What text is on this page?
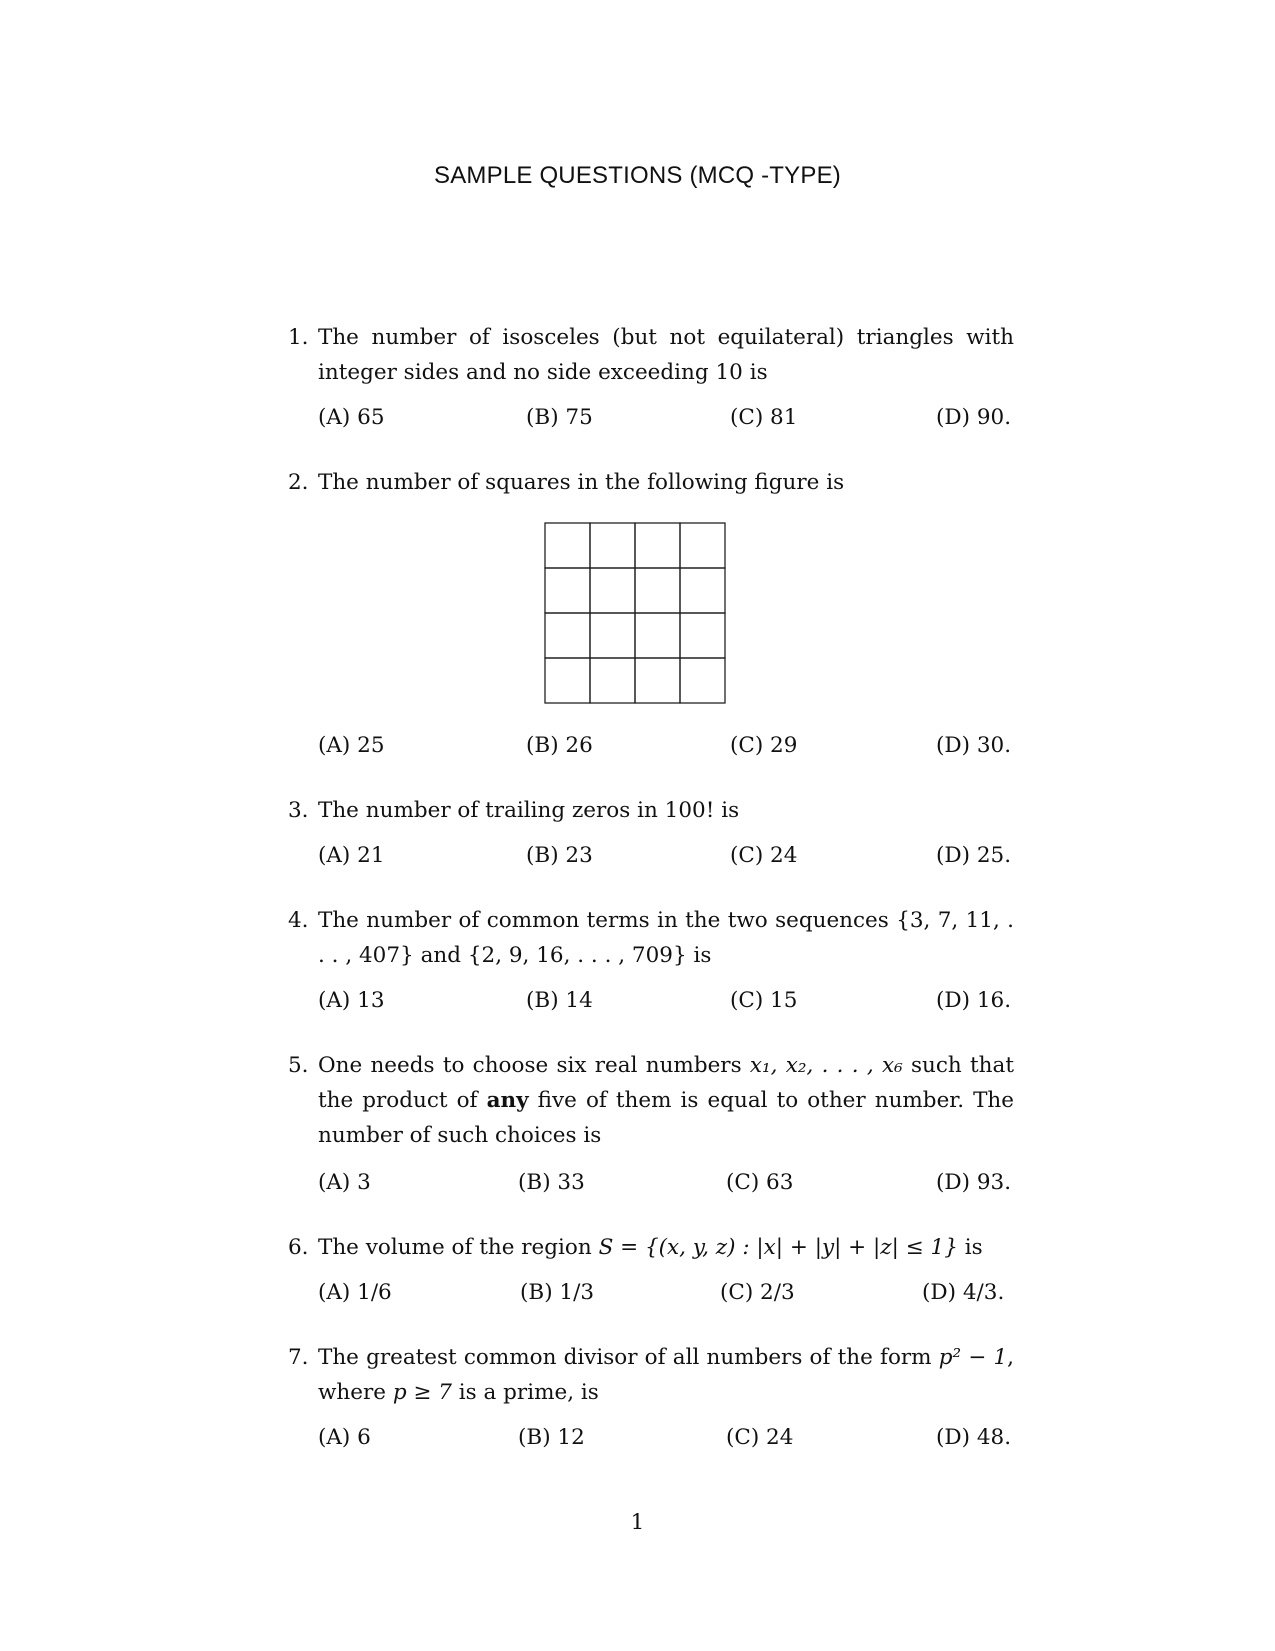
SAMPLE QUESTIONS (MCQ -TYPE)
1. The number of isosceles (but not equilateral) triangles with integer sides and no side exceeding 10 is
(A) 65	(B) 75	(C) 81	(D) 90.
2. The number of squares in the following figure is
(A) 25	(B) 26	(C) 29	(D) 30.
3. The number of trailing zeros in 100! is
(A) 21	(B) 23	(C) 24	(D) 25.
4. The number of common terms in the two sequences {3, 7, 11, . . . , 407} and {2, 9, 16, . . . , 709} is
(A) 13	(B) 14	(C) 15	(D) 16.
5. One needs to choose six real numbers x₁, x₂, . . . , x₆ such that the product of any five of them is equal to other number. The number of such choices is
(A) 3	(B) 33	(C) 63	(D) 93.
6. The volume of the region S = {(x, y, z) : |x| + |y| + |z| ≤ 1} is
(A) 1/6	(B) 1/3	(C) 2/3	(D) 4/3.
7. The greatest common divisor of all numbers of the form p² − 1, where p ≥ 7 is a prime, is
(A) 6	(B) 12	(C) 24	(D) 48.
1
